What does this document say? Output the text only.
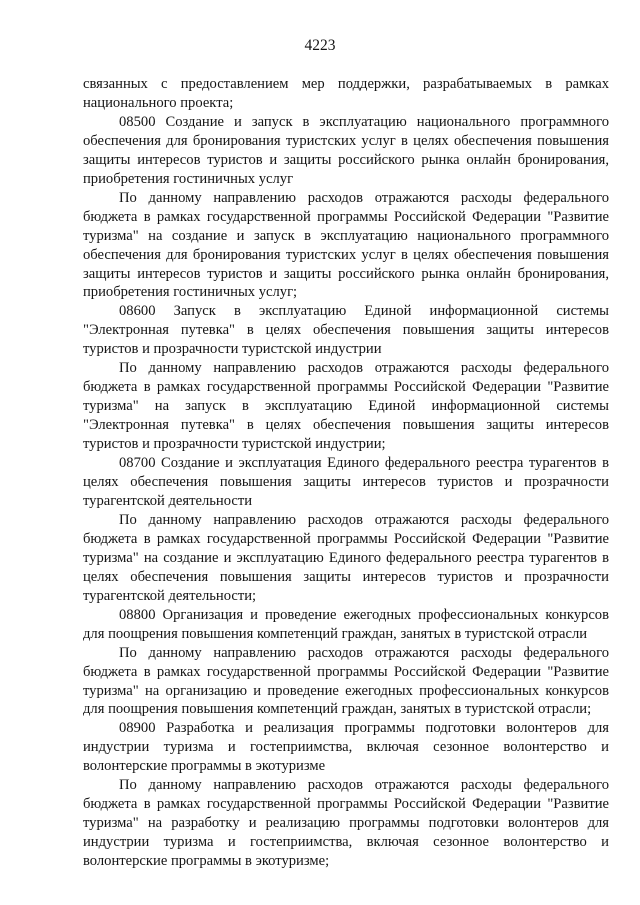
4223

связанных с предоставлением мер поддержки, разрабатываемых в рамках национального проекта;

08500 Создание и запуск в эксплуатацию национального программного обеспечения для бронирования туристских услуг в целях обеспечения повышения защиты интересов туристов и защиты российского рынка онлайн бронирования, приобретения гостиничных услуг

По данному направлению расходов отражаются расходы федерального бюджета в рамках государственной программы Российской Федерации "Развитие туризма" на создание и запуск в эксплуатацию национального программного обеспечения для бронирования туристских услуг в целях обеспечения повышения защиты интересов туристов и защиты российского рынка онлайн бронирования, приобретения гостиничных услуг;

08600 Запуск в эксплуатацию Единой информационной системы "Электронная путевка" в целях обеспечения повышения защиты интересов туристов и прозрачности туристской индустрии

По данному направлению расходов отражаются расходы федерального бюджета в рамках государственной программы Российской Федерации "Развитие туризма" на запуск в эксплуатацию Единой информационной системы "Электронная путевка" в целях обеспечения повышения защиты интересов туристов и прозрачности туристской индустрии;

08700 Создание и эксплуатация Единого федерального реестра турагентов в целях обеспечения повышения защиты интересов туристов и прозрачности турагентской деятельности

По данному направлению расходов отражаются расходы федерального бюджета в рамках государственной программы Российской Федерации "Развитие туризма" на создание и эксплуатацию Единого федерального реестра турагентов в целях обеспечения повышения защиты интересов туристов и прозрачности турагентской деятельности;

08800 Организация и проведение ежегодных профессиональных конкурсов для поощрения повышения компетенций граждан, занятых в туристской отрасли

По данному направлению расходов отражаются расходы федерального бюджета в рамках государственной программы Российской Федерации "Развитие туризма" на организацию и проведение ежегодных профессиональных конкурсов для поощрения повышения компетенций граждан, занятых в туристской отрасли;

08900 Разработка и реализация программы подготовки волонтеров для индустрии туризма и гостеприимства, включая сезонное волонтерство и волонтерские программы в экотуризме

По данному направлению расходов отражаются расходы федерального бюджета в рамках государственной программы Российской Федерации "Развитие туризма" на разработку и реализацию программы подготовки волонтеров для индустрии туризма и гостеприимства, включая сезонное волонтерство и волонтерские программы в экотуризме;
